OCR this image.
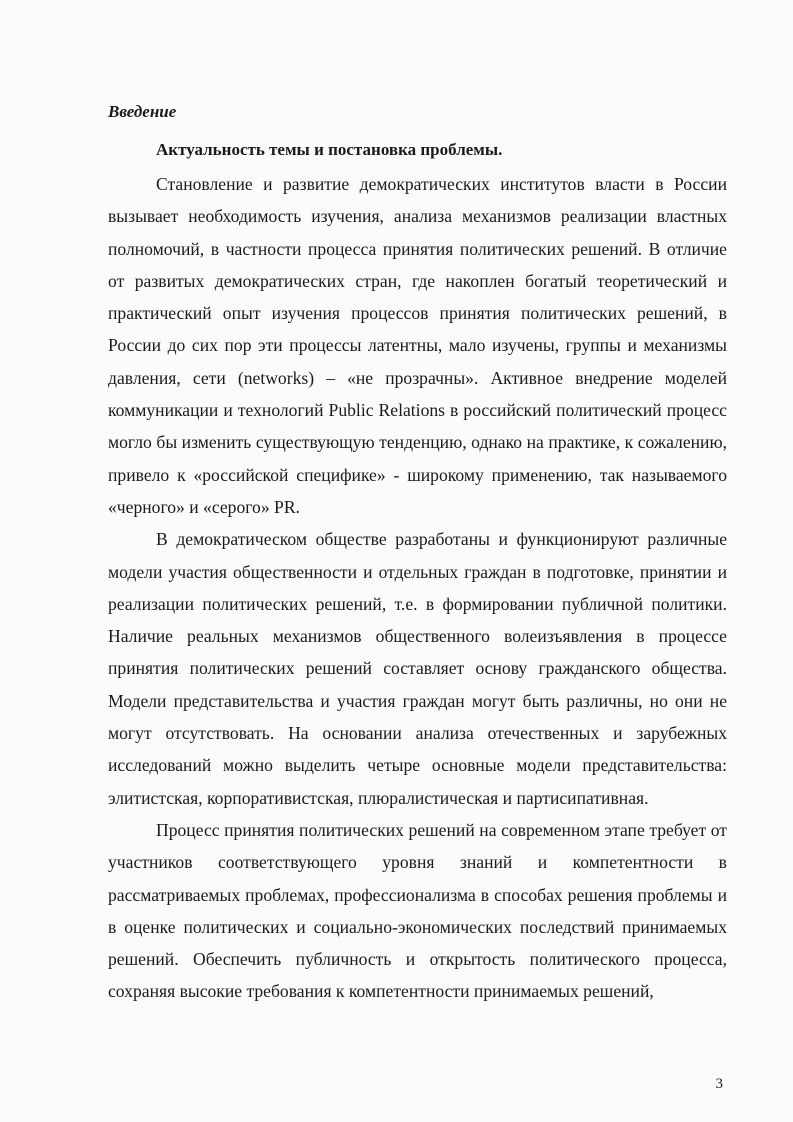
Введение

Актуальность темы и постановка проблемы.

Становление и развитие демократических институтов власти в России вызывает необходимость изучения, анализа механизмов реализации властных полномочий, в частности процесса принятия политических решений. В отличие от развитых демократических стран, где накоплен богатый теоретический и практический опыт изучения процессов принятия политических решений, в России до сих пор эти процессы латентны, мало изучены, группы и механизмы давления, сети (networks) – «не прозрачны». Активное внедрение моделей коммуникации и технологий Public Relations в российский политический процесс могло бы изменить существующую тенденцию, однако на практике, к сожалению, привело к «российской специфике» - широкому применению, так называемого «черного» и «серого» PR.

В демократическом обществе разработаны и функционируют различные модели участия общественности и отдельных граждан в подготовке, принятии и реализации политических решений, т.е. в формировании публичной политики. Наличие реальных механизмов общественного волеизъявления в процессе принятия политических решений составляет основу гражданского общества. Модели представительства и участия граждан могут быть различны, но они не могут отсутствовать. На основании анализа отечественных и зарубежных исследований можно выделить четыре основные модели представительства: элитистская, корпоративистская, плюралистическая и партисипативная.

Процесс принятия политических решений на современном этапе требует от участников соответствующего уровня знаний и компетентности в рассматриваемых проблемах, профессионализма в способах решения проблемы и в оценке политических и социально-экономических последствий принимаемых решений. Обеспечить публичность и открытость политического процесса, сохраняя высокие требования к компетентности принимаемых решений,

3
